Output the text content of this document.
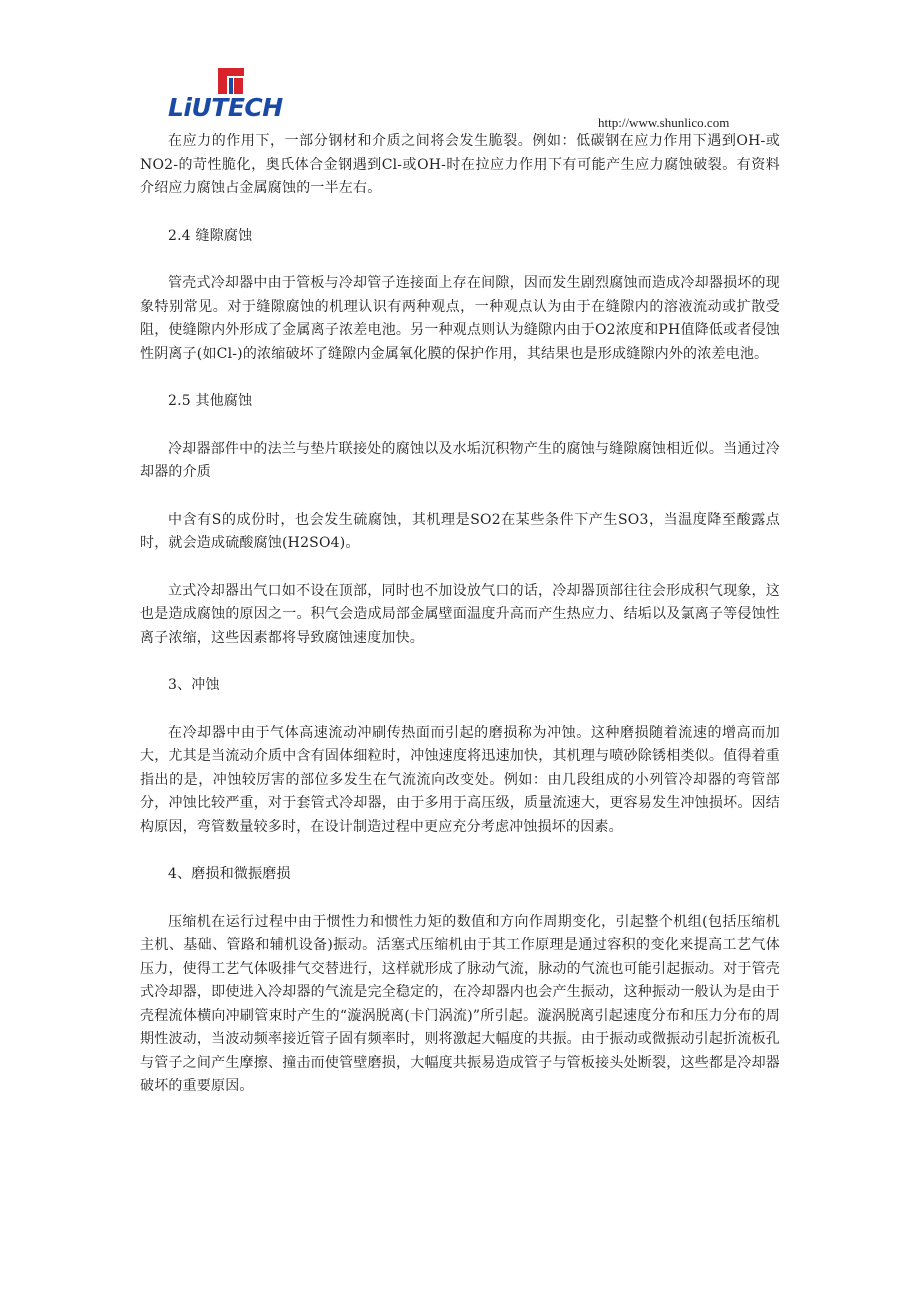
LiUTECH
http://www.shunlico.com

在应力的作用下，一部分钢材和介质之间将会发生脆裂。例如：低碳钢在应力作用下遇到OH-或NO2-的苛性脆化，奥氏体合金钢遇到Cl-或OH-时在拉应力作用下有可能产生应力腐蚀破裂。有资料介绍应力腐蚀占金属腐蚀的一半左右。

2.4 缝隙腐蚀

管壳式冷却器中由于管板与冷却管子连接面上存在间隙，因而发生剧烈腐蚀而造成冷却器损坏的现象特别常见。对于缝隙腐蚀的机理认识有两种观点，一种观点认为由于在缝隙内的溶液流动或扩散受阻，使缝隙内外形成了金属离子浓差电池。另一种观点则认为缝隙内由于O2浓度和PH值降低或者侵蚀性阴离子(如Cl-)的浓缩破坏了缝隙内金属氧化膜的保护作用，其结果也是形成缝隙内外的浓差电池。

2.5 其他腐蚀

冷却器部件中的法兰与垫片联接处的腐蚀以及水垢沉积物产生的腐蚀与缝隙腐蚀相近似。当通过冷却器的介质

中含有S的成份时，也会发生硫腐蚀，其机理是SO2在某些条件下产生SO3，当温度降至酸露点时，就会造成硫酸腐蚀(H2SO4)。

立式冷却器出气口如不设在顶部，同时也不加设放气口的话，冷却器顶部往往会形成积气现象，这也是造成腐蚀的原因之一。积气会造成局部金属壁面温度升高而产生热应力、结垢以及氯离子等侵蚀性离子浓缩，这些因素都将导致腐蚀速度加快。

3、冲蚀

在冷却器中由于气体高速流动冲刷传热面而引起的磨损称为冲蚀。这种磨损随着流速的增高而加大，尤其是当流动介质中含有固体细粒时，冲蚀速度将迅速加快，其机理与喷砂除锈相类似。值得着重指出的是，冲蚀较厉害的部位多发生在气流流向改变处。例如：由几段组成的小列管冷却器的弯管部分，冲蚀比较严重，对于套管式冷却器，由于多用于高压级，质量流速大，更容易发生冲蚀损坏。因结构原因，弯管数量较多时，在设计制造过程中更应充分考虑冲蚀损坏的因素。

4、磨损和微振磨损

压缩机在运行过程中由于惯性力和惯性力矩的数值和方向作周期变化，引起整个机组(包括压缩机主机、基础、管路和辅机设备)振动。活塞式压缩机由于其工作原理是通过容积的变化来提高工艺气体压力，使得工艺气体吸排气交替进行，这样就形成了脉动气流，脉动的气流也可能引起振动。对于管壳式冷却器，即使进入冷却器的气流是完全稳定的，在冷却器内也会产生振动，这种振动一般认为是由于壳程流体横向冲刷管束时产生的“漩涡脱离(卡门涡流)”所引起。漩涡脱离引起速度分布和压力分布的周期性波动，当波动频率接近管子固有频率时，则将激起大幅度的共振。由于振动或微振动引起折流板孔与管子之间产生摩擦、撞击而使管壁磨损，大幅度共振易造成管子与管板接头处断裂，这些都是冷却器破坏的重要原因。
